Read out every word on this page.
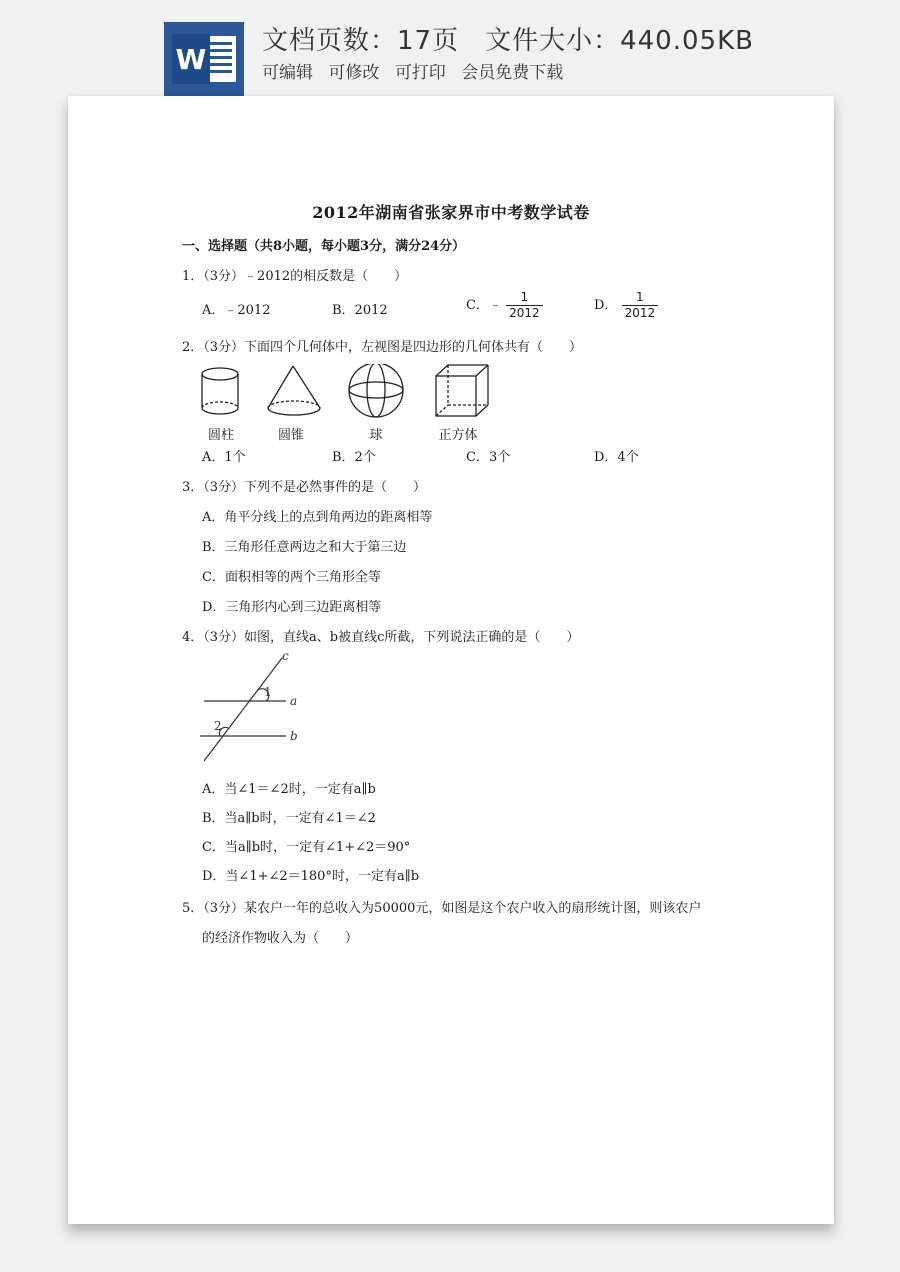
W
文档页数：17页 文件大小：440.05KB
可编辑 可修改 可打印 会员免费下载
2012年湖南省张家界市中考数学试卷
一、选择题（共8小题，每小题3分，满分24分）
1．（3分）﹣2012的相反数是（　　）
A．﹣2012	B．2012	C．﹣ $\frac{1}{2012}$	D． $\frac{1}{2012}$
2．（3分）下面四个几何体中，左视图是四边形的几何体共有（　　）
圆柱	圆锥	球	正方体
A．1个	B．2个	C．3个	D．4个
3．（3分）下列不是必然事件的是（　　）
A．角平分线上的点到角两边的距离相等
B．三角形任意两边之和大于第三边
C．面积相等的两个三角形全等
D．三角形内心到三边距离相等
4．（3分）如图，直线a、b被直线c所截，下列说法正确的是（　　）
c
a
b
1
2
A．当∠1＝∠2时，一定有a∥b
B．当a∥b时，一定有∠1＝∠2
C．当a∥b时，一定有∠1+∠2＝90°
D．当∠1+∠2＝180°时，一定有a∥b
5．（3分）某农户一年的总收入为50000元，如图是这个农户收入的扇形统计图，则该农户
的经济作物收入为（　　）
